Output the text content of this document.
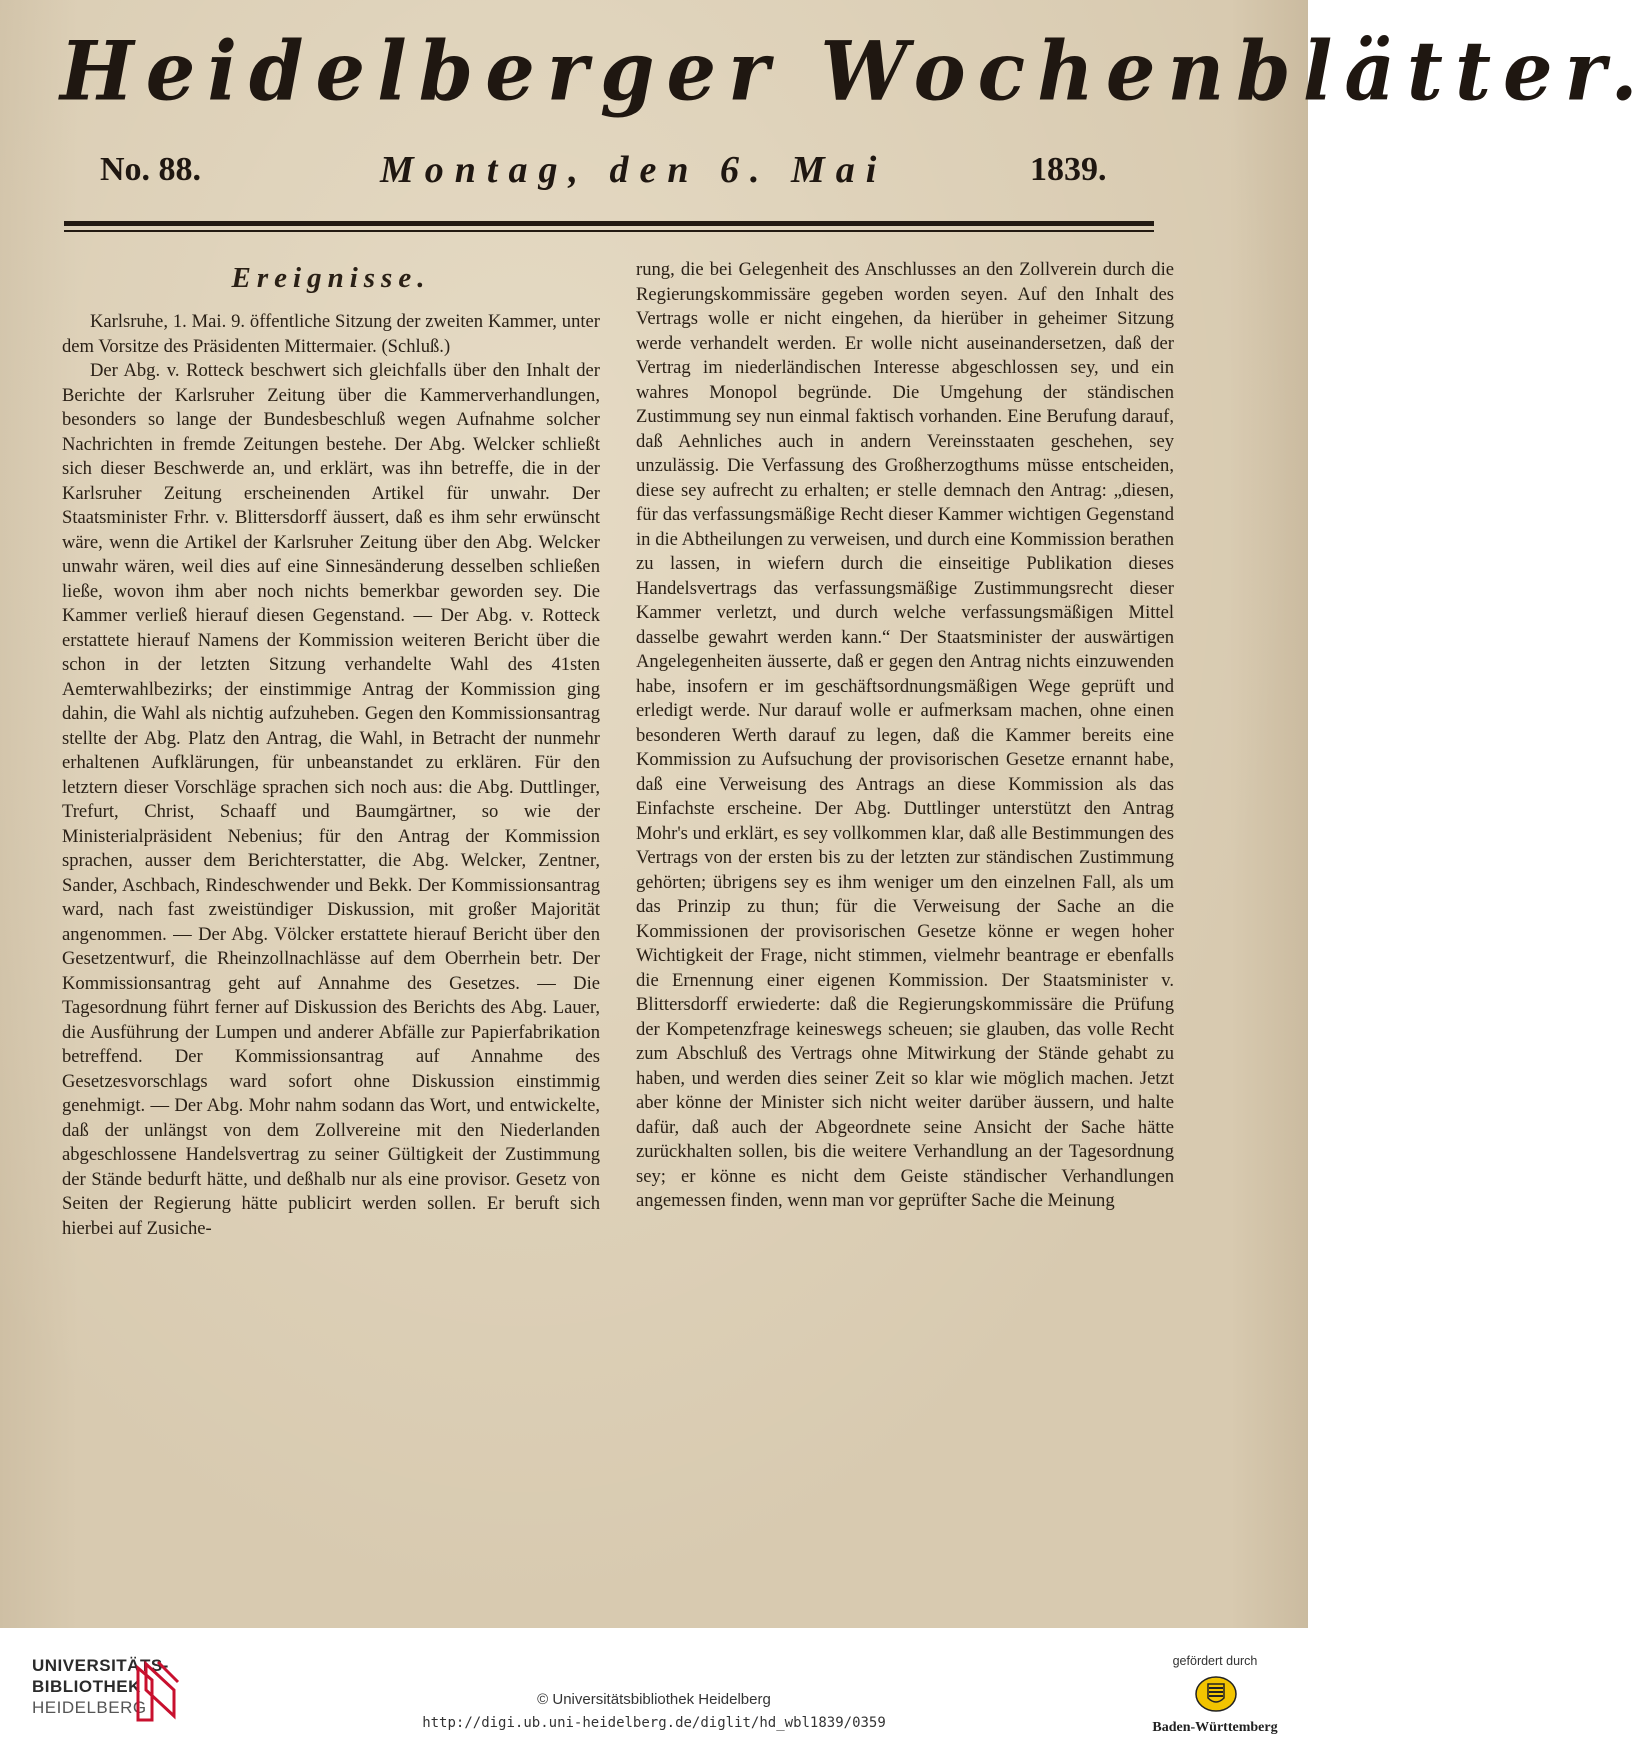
Heidelberger Wochenblätter.
No. 88.	Montag, den 6. Mai	1839.
Ereignisse.
Karlsruhe, 1. Mai. 9. öffentliche Sitzung der zweiten Kammer, unter dem Vorsitze des Präsidenten Mittermaier. (Schluß.)
Der Abg. v. Rotteck beschwert sich gleichfalls über den Inhalt der Berichte der Karlsruher Zeitung über die Kammerverhandlungen, besonders so lange der Bundesbeschluß wegen Aufnahme solcher Nachrichten in fremde Zeitungen bestehe. Der Abg. Welcker schließt sich dieser Beschwerde an, und erklärt, was ihn betreffe, die in der Karlsruher Zeitung erscheinenden Artikel für unwahr. Der Staatsminister Frhr. v. Blittersdorff äussert, daß es ihm sehr erwünscht wäre, wenn die Artikel der Karlsruher Zeitung über den Abg. Welcker unwahr wären, weil dies auf eine Sinnesänderung desselben schließen ließe, wovon ihm aber noch nichts bemerkbar geworden sey. Die Kammer verließ hierauf diesen Gegenstand. — Der Abg. v. Rotteck erstattete hierauf Namens der Kommission weiteren Bericht über die schon in der letzten Sitzung verhandelte Wahl des 41sten Aemterwahlbezirks; der einstimmige Antrag der Kommission ging dahin, die Wahl als nichtig aufzuheben. Gegen den Kommissionsantrag stellte der Abg. Platz den Antrag, die Wahl, in Betracht der nunmehr erhaltenen Aufklärungen, für unbeanstandet zu erklären. Für den letztern dieser Vorschläge sprachen sich noch aus: die Abg. Duttlinger, Trefurt, Christ, Schaaff und Baumgärtner, so wie der Ministerialpräsident Nebenius; für den Antrag der Kommission sprachen, ausser dem Berichterstatter, die Abg. Welcker, Zentner, Sander, Aschbach, Rindeschwender und Bekk. Der Kommissionsantrag ward, nach fast zweistündiger Diskussion, mit großer Majorität angenommen. — Der Abg. Völcker erstattete hierauf Bericht über den Gesetzentwurf, die Rheinzollnachlässe auf dem Oberrhein betr. Der Kommissionsantrag geht auf Annahme des Gesetzes. — Die Tagesordnung führt ferner auf Diskussion des Berichts des Abg. Lauer, die Ausführung der Lumpen und anderer Abfälle zur Papierfabrikation betreffend. Der Kommissionsantrag auf Annahme des Gesetzesvorschlags ward sofort ohne Diskussion einstimmig genehmigt. — Der Abg. Mohr nahm sodann das Wort, und entwickelte, daß der unlängst von dem Zollvereine mit den Niederlanden abgeschlossene Handelsvertrag zu seiner Gültigkeit der Zustimmung der Stände bedurft hätte, und deßhalb nur als eine provisor. Gesetz von Seiten der Regierung hätte publicirt werden sollen. Er beruft sich hierbei auf Zusiche-
rung, die bei Gelegenheit des Anschlusses an den Zollverein durch die Regierungskommissäre gegeben worden seyen. Auf den Inhalt des Vertrags wolle er nicht eingehen, da hierüber in geheimer Sitzung werde verhandelt werden. Er wolle nicht auseinandersetzen, daß der Vertrag im niederländischen Interesse abgeschlossen sey, und ein wahres Monopol begründe. Die Umgehung der ständischen Zustimmung sey nun einmal faktisch vorhanden. Eine Berufung darauf, daß Aehnliches auch in andern Vereinsstaaten geschehen, sey unzulässig. Die Verfassung des Großherzogthums müsse entscheiden, diese sey aufrecht zu erhalten; er stelle demnach den Antrag: „diesen, für das verfassungsmäßige Recht dieser Kammer wichtigen Gegenstand in die Abtheilungen zu verweisen, und durch eine Kommission berathen zu lassen, in wiefern durch die einseitige Publikation dieses Handelsvertrags das verfassungsmäßige Zustimmungsrecht dieser Kammer verletzt, und durch welche verfassungsmäßigen Mittel dasselbe gewahrt werden kann.“ Der Staatsminister der auswärtigen Angelegenheiten äusserte, daß er gegen den Antrag nichts einzuwenden habe, insofern er im geschäftsordnungsmäßigen Wege geprüft und erledigt werde. Nur darauf wolle er aufmerksam machen, ohne einen besonderen Werth darauf zu legen, daß die Kammer bereits eine Kommission zu Aufsuchung der provisorischen Gesetze ernannt habe, daß eine Verweisung des Antrags an diese Kommission als das Einfachste erscheine. Der Abg. Duttlinger unterstützt den Antrag Mohr's und erklärt, es sey vollkommen klar, daß alle Bestimmungen des Vertrags von der ersten bis zu der letzten zur ständischen Zustimmung gehörten; übrigens sey es ihm weniger um den einzelnen Fall, als um das Prinzip zu thun; für die Verweisung der Sache an die Kommissionen der provisorischen Gesetze könne er wegen hoher Wichtigkeit der Frage, nicht stimmen, vielmehr beantrage er ebenfalls die Ernennung einer eigenen Kommission. Der Staatsminister v. Blittersdorff erwiederte: daß die Regierungskommissäre die Prüfung der Kompetenzfrage keineswegs scheuen; sie glauben, das volle Recht zum Abschluß des Vertrags ohne Mitwirkung der Stände gehabt zu haben, und werden dies seiner Zeit so klar wie möglich machen. Jetzt aber könne der Minister sich nicht weiter darüber äussern, und halte dafür, daß auch der Abgeordnete seine Ansicht der Sache hätte zurückhalten sollen, bis die weitere Verhandlung an der Tagesordnung sey; er könne es nicht dem Geiste ständischer Verhandlungen angemessen finden, wenn man vor geprüfter Sache die Meinung
UNIVERSITÄTS-
BIBLIOTHEK
HEIDELBERG	© Universitätsbibliothek Heidelberg
http://digi.ub.uni-heidelberg.de/diglit/hd_wbl1839/0359
gefördert durch
Baden-Württemberg
